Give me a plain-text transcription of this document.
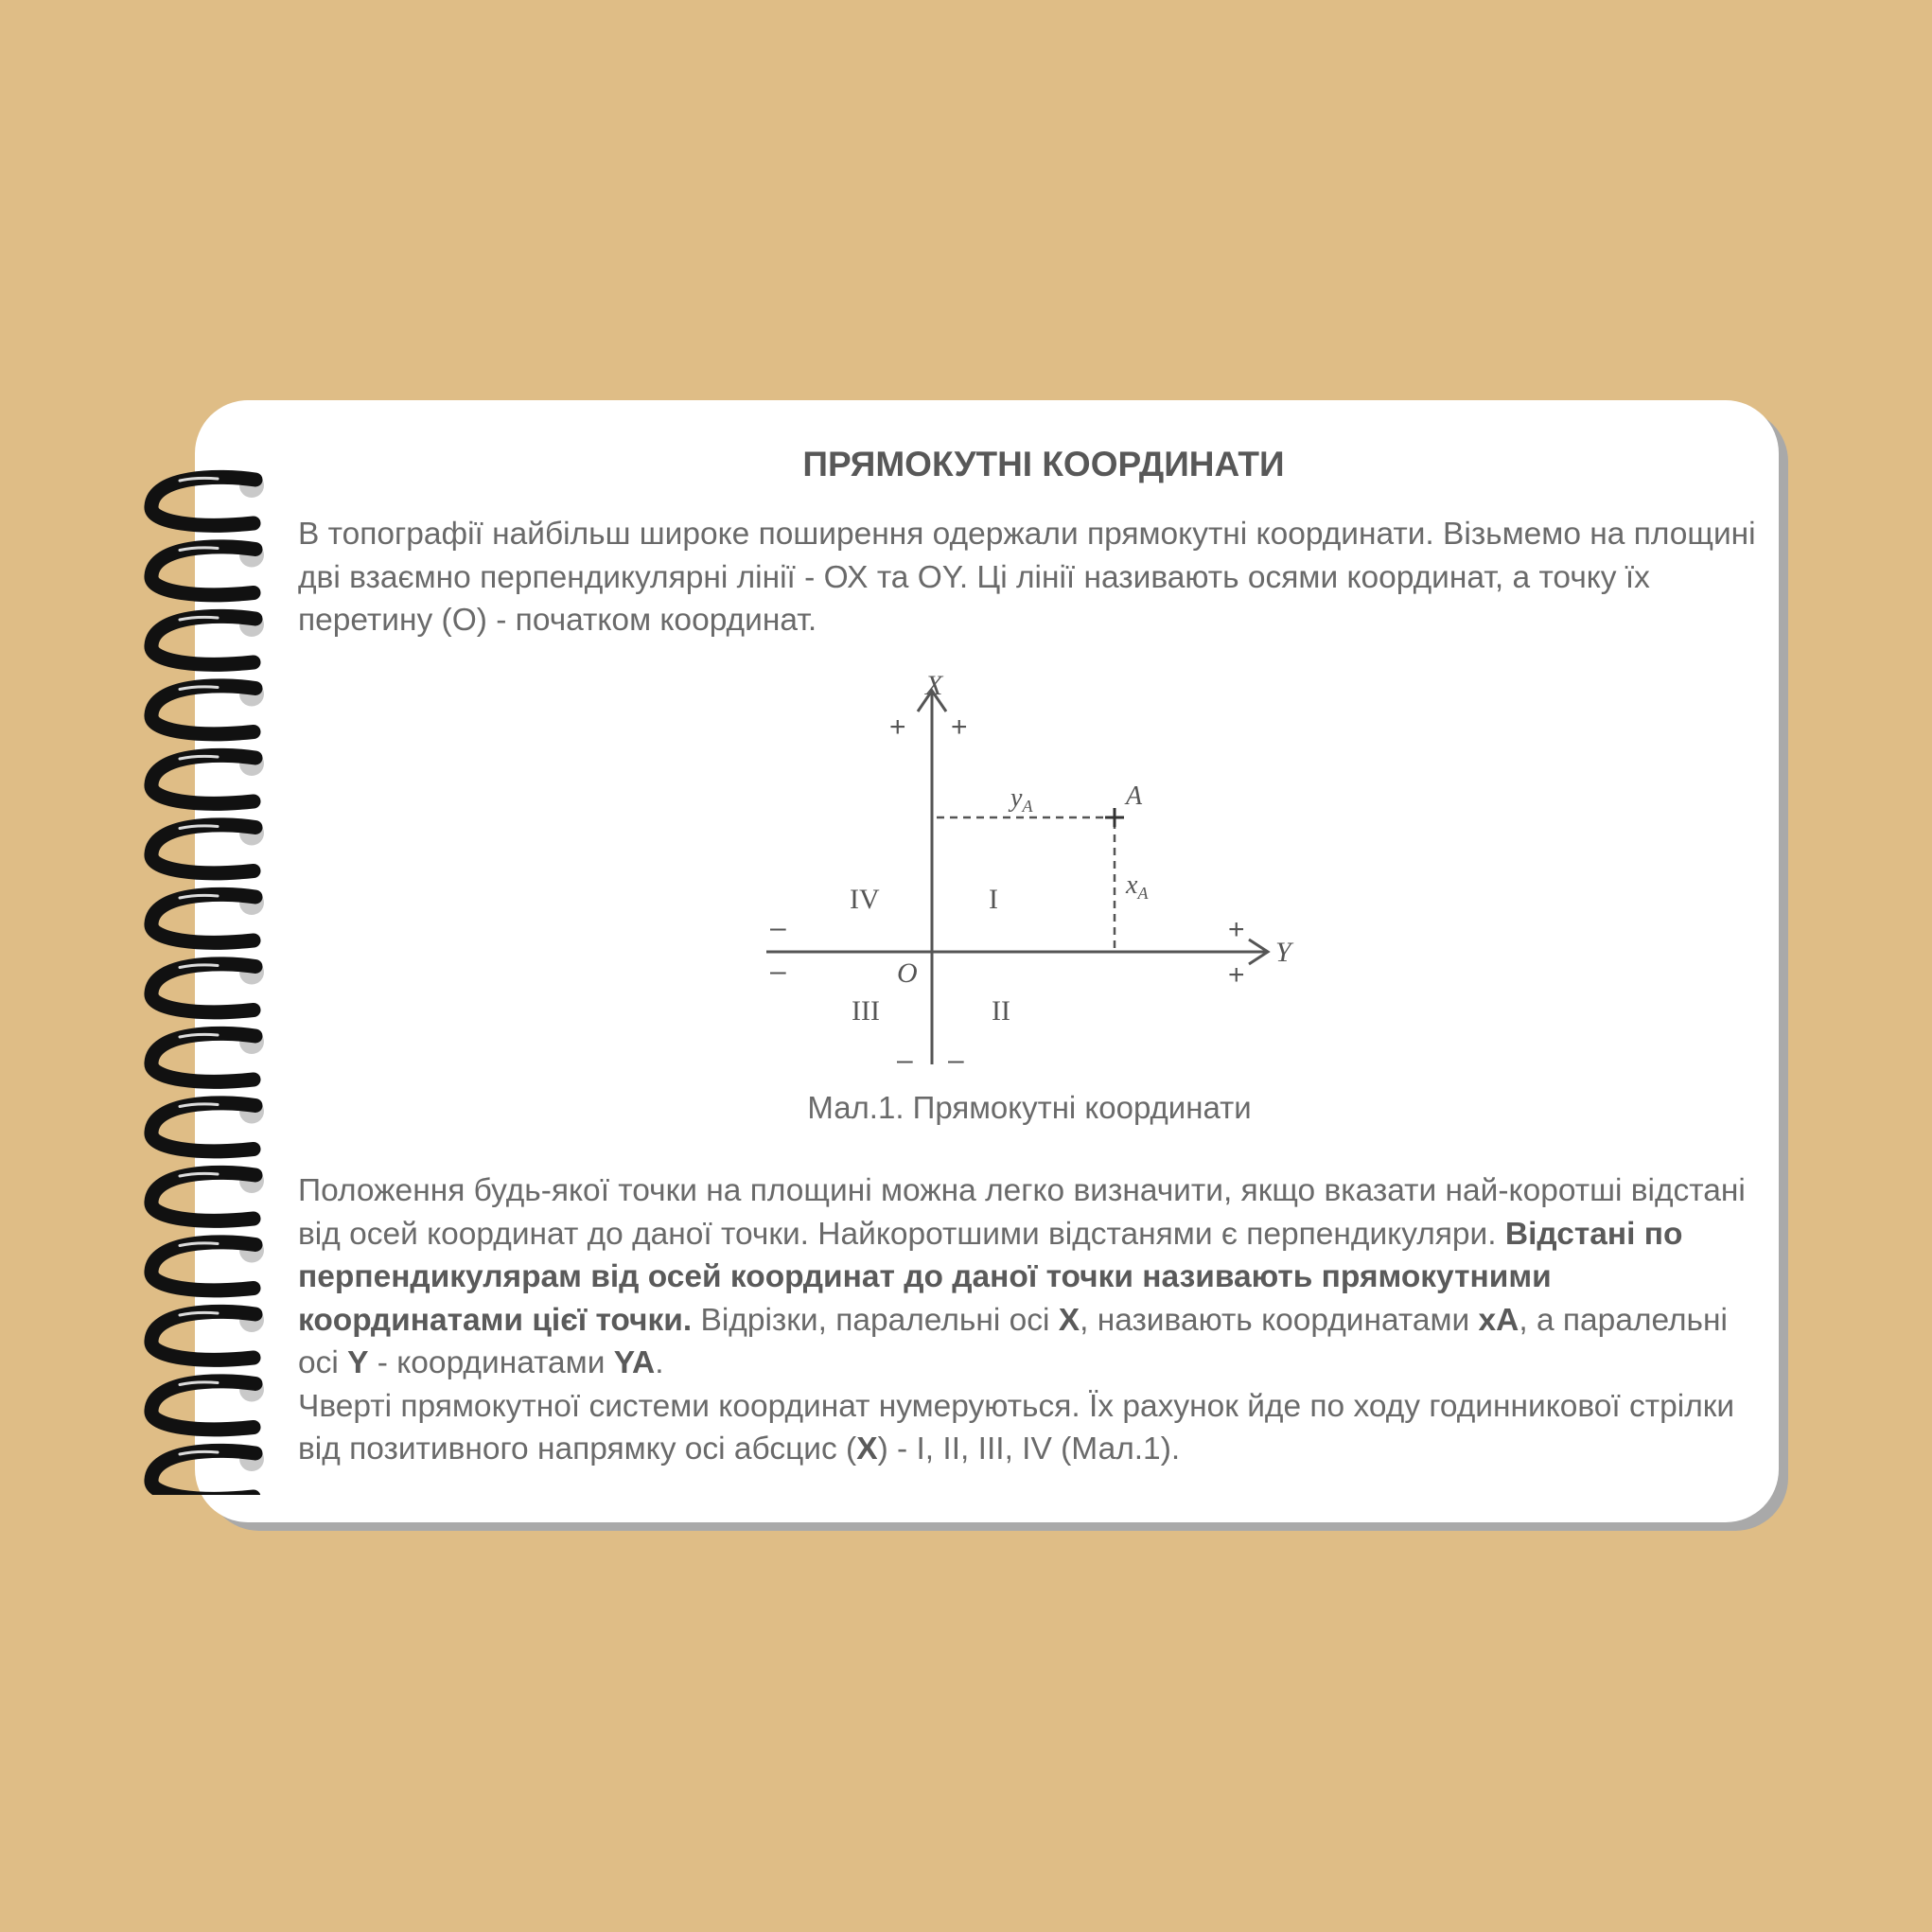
ПРЯМОКУТНІ КООРДИНАТИ

В топографії найбільш широке поширення одержали прямокутні координати. Візьмемо на площині дві взаємно перпендикулярні лінії - ОХ та ОY. Ці лінії називають осями координат, а точку їх перетину (О) - початком координат.

X
Y
O
A
$y_A$
$x_A$
I
II
III
IV
+ +
+
+
–
–
– –

Мал.1. Прямокутні координати

Положення будь-якої точки на площині можна легко визначити, якщо вказати най-коротші відстані від осей координат до даної точки. Найкоротшими відстанями є перпендикуляри. Відстані по перпендикулярам від осей координат до даної точки називають прямокутними координатами цієї точки. Відрізки, паралельні осі X, називають координатами xA, а паралельні осі Y - координатами YA.
Чверті прямокутної системи координат нумеруються. Їх рахунок йде по ходу годинникової стрілки від позитивного напрямку осі абсцис (X) - I, II, III, IV (Мал.1).
